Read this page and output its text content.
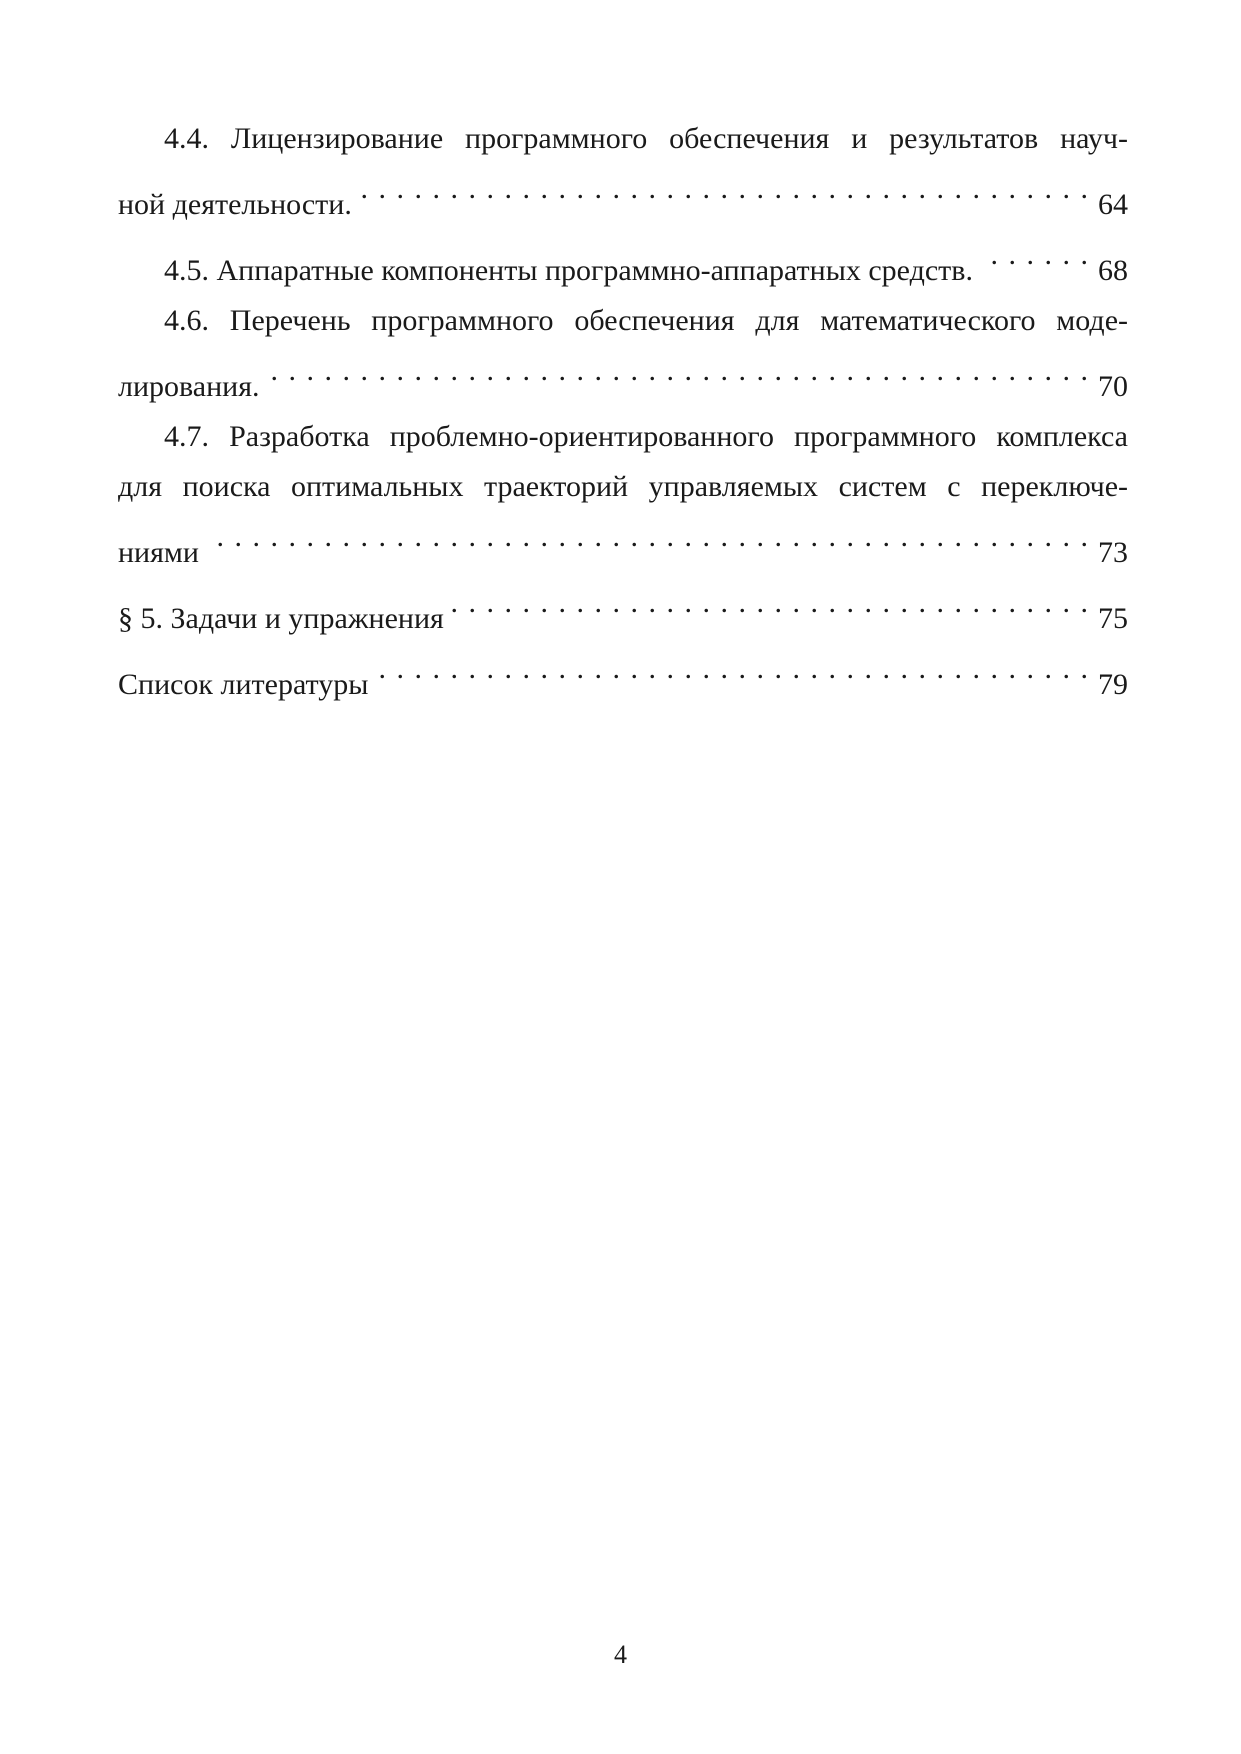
4.4. Лицензирование программного обеспечения и результатов науч-
ной деятельности. . . .	64
4.5. Аппаратные компоненты программно-аппаратных средств. . . .	68
4.6. Перечень программного обеспечения для математического моде-
лирования. . . .	70
4.7. Разработка проблемно-ориентированного программного комплекса
для поиска оптимальных траекторий управляемых систем с переключе-
ниями . . .	73
§ 5. Задачи и упражнения . . .	75
Список литературы . . .	79
4
